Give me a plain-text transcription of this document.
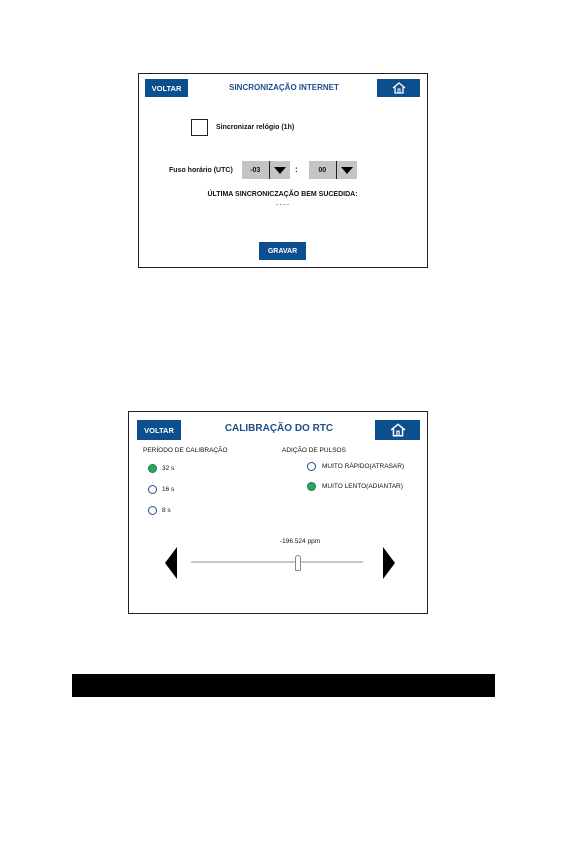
VOLTAR	SINCRONIZAÇÃO INTERNET
Sincronizar relógio (1h)
Fuso horário (UTC)	-03	:	00
ÚLTIMA SINCRONICZAÇÃO BEM SUCEDIDA:
- - - -
GRAVAR
VOLTAR	CALIBRAÇÃO DO RTC
PERÍODO DE CALIBRAÇÃO
32 s
16 s
8 s
ADIÇÃO DE PULSOS
MUITO RÁPIDO(ATRASAR)
MUITO LENTO(ADIANTAR)
-196.524 ppm
